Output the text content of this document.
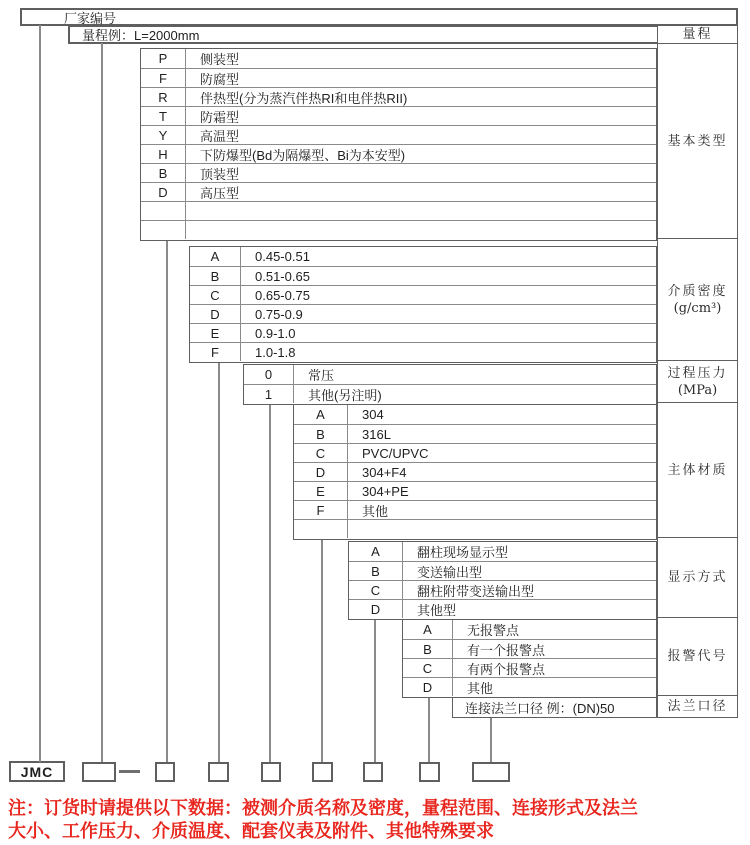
厂家编号
量程例：L=2000mm
连接法兰口径 例：(DN)50
JMC
P	侧装型
F	防腐型
R	伴热型(分为蒸汽伴热RI和电伴热RII)
T	防霜型
Y	高温型
H	下防爆型(Bd为隔爆型、Bi为本安型)
B	顶装型
D	高压型
A	0.45-0.51
B	0.51-0.65
C	0.65-0.75
D	0.75-0.9
E	0.9-1.0
F	1.0-1.8
0	常压
1	其他(另注明)
A	304
B	316L
C	PVC/UPVC
D	304+F4
E	304+PE
F	其他
A	翻柱现场显示型
B	变送输出型
C	翻柱附带变送输出型
D	其他型
A	无报警点
B	有一个报警点
C	有两个报警点
D	其他
量程
基本类型
介质密度
(g/cm³)
过程压力
(MPa)
主体材质
显示方式
报警代号
法兰口径
注：订货时请提供以下数据：被测介质名称及密度，量程范围、连接形式及法兰
大小、工作压力、介质温度、配套仪表及附件、其他特殊要求
